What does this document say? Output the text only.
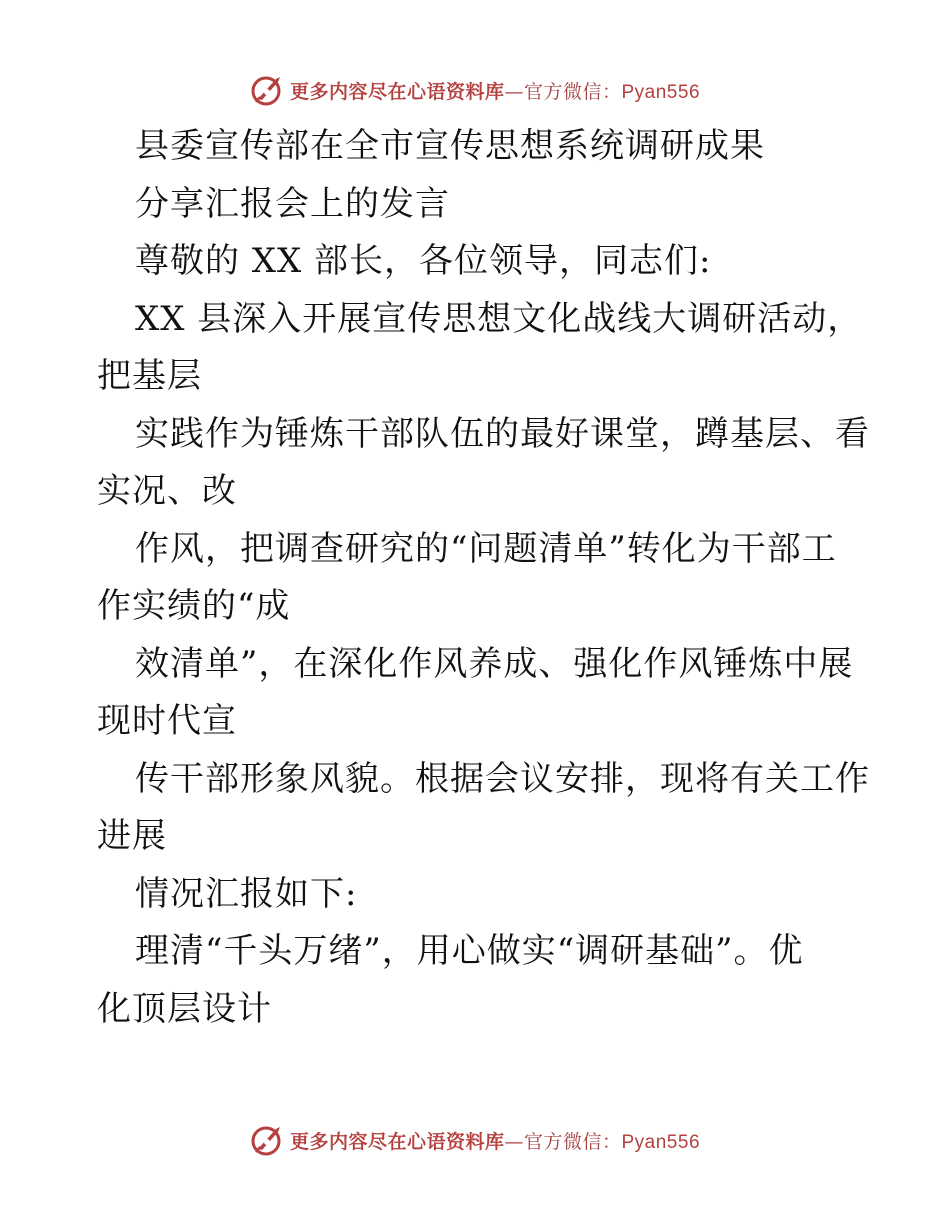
更多内容尽在心语资料库—官方微信：Pyan556
县委宣传部在全市宣传思想系统调研成果
分享汇报会上的发言
尊敬的 XX 部长，各位领导，同志们:
XX 县深入开展宣传思想文化战线大调研活动，
把基层
实践作为锤炼干部队伍的最好课堂，蹲基层、看
实况、改
作风，把调查研究的“问题清单”转化为干部工
作实绩的“成
效清单”，在深化作风养成、强化作风锤炼中展
现时代宣
传干部形象风貌。根据会议安排，现将有关工作
进展
情况汇报如下:
理清“千头万绪”，用心做实“调研基础”。优
化顶层设计
更多内容尽在心语资料库—官方微信：Pyan556
